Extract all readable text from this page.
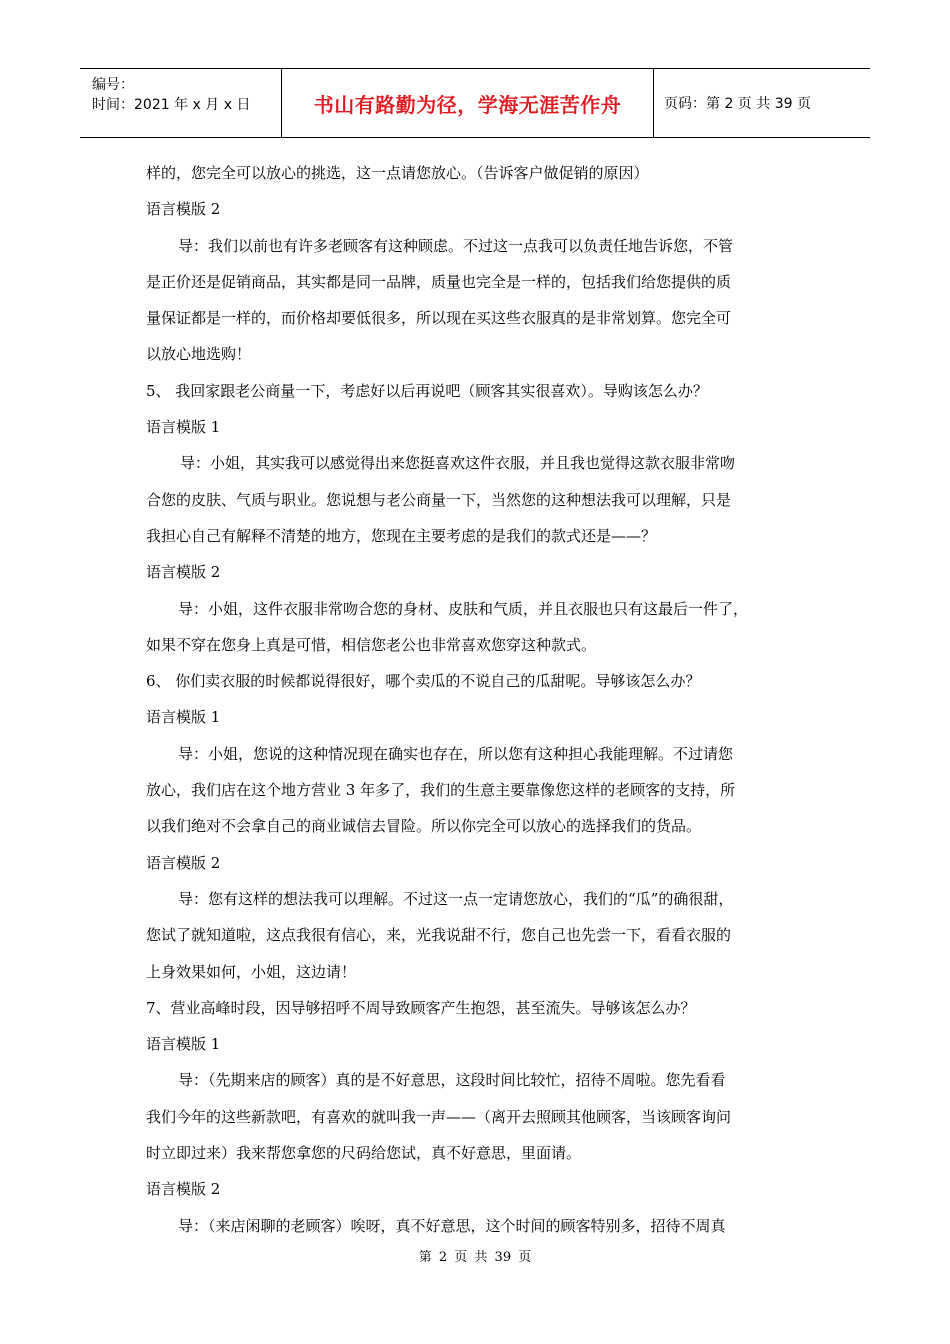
编号：
时间：2021 年 x 月 x 日	书山有路勤为径，学海无涯苦作舟	页码：第 2 页 共 39 页
样的，您完全可以放心的挑选，这一点请您放心。（告诉客户做促销的原因）
语言模版 2
导：我们以前也有许多老顾客有这种顾虑。不过这一点我可以负责任地告诉您，不管
是正价还是促销商品，其实都是同一品牌，质量也完全是一样的，包括我们给您提供的质
量保证都是一样的，而价格却要低很多，所以现在买这些衣服真的是非常划算。您完全可
以放心地选购！
5、 我回家跟老公商量一下，考虑好以后再说吧（顾客其实很喜欢）。导购该怎么办？
语言模版 1
导：小姐，其实我可以感觉得出来您挺喜欢这件衣服，并且我也觉得这款衣服非常吻
合您的皮肤、气质与职业。您说想与老公商量一下，当然您的这种想法我可以理解，只是
我担心自己有解释不清楚的地方，您现在主要考虑的是我们的款式还是——？
语言模版 2
导：小姐，这件衣服非常吻合您的身材、皮肤和气质，并且衣服也只有这最后一件了，
如果不穿在您身上真是可惜，相信您老公也非常喜欢您穿这种款式。
6、 你们卖衣服的时候都说得很好，哪个卖瓜的不说自己的瓜甜呢。导够该怎么办？
语言模版 1
导：小姐，您说的这种情况现在确实也存在，所以您有这种担心我能理解。不过请您
放心，我们店在这个地方营业 3 年多了，我们的生意主要靠像您这样的老顾客的支持，所
以我们绝对不会拿自己的商业诚信去冒险。所以你完全可以放心的选择我们的货品。
语言模版 2
导：您有这样的想法我可以理解。不过这一点一定请您放心，我们的“瓜”的确很甜，
您试了就知道啦，这点我很有信心，来，光我说甜不行，您自己也先尝一下，看看衣服的
上身效果如何，小姐，这边请！
7、营业高峰时段，因导够招呼不周导致顾客产生抱怨，甚至流失。导够该怎么办？
语言模版 1
导：（先期来店的顾客）真的是不好意思，这段时间比较忙，招待不周啦。您先看看
我们今年的这些新款吧，有喜欢的就叫我一声——（离开去照顾其他顾客，当该顾客询问
时立即过来）我来帮您拿您的尺码给您试，真不好意思，里面请。
语言模版 2
导：（来店闲聊的老顾客）唉呀，真不好意思，这个时间的顾客特别多，招待不周真
第 2 页 共 39 页
